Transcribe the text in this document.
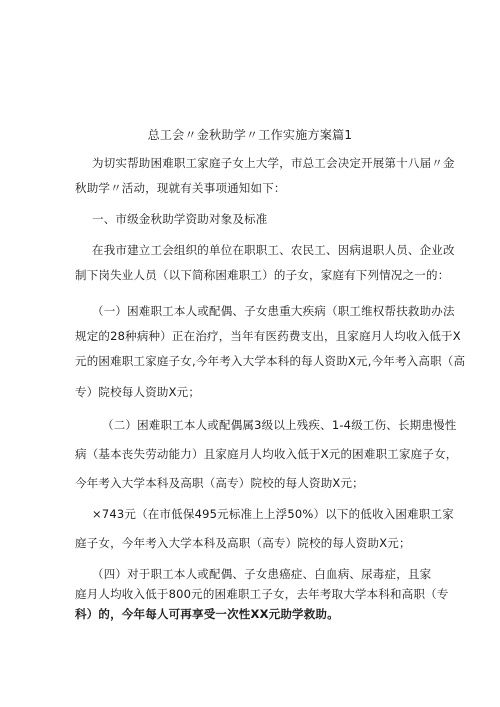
总工会〃金秋助学〃工作实施方案篇1
为切实帮助困难职工家庭子女上大学，市总工会决定开展第十八届〃金
秋助学〃活动，现就有关事项通知如下：
一、市级金秋助学资助对象及标准
在我市建立工会组织的单位在职职工、农民工、因病退职人员、企业改
制下岗失业人员（以下简称困难职工）的子女，家庭有下列情况之一的：
（一）困难职工本人或配偶、子女患重大疾病（职工维权帮扶救助办法
规定的28种病种）正在治疗，当年有医药费支出，且家庭月人均收入低于X
元的困难职工家庭子女,今年考入大学本科的每人资助X元,今年考入高职（高
专）院校每人资助X元；
（二）困难职工本人或配偶属3级以上残疾、1-4级工伤、长期患慢性
病（基本丧失劳动能力）且家庭月人均收入低于X元的困难职工家庭子女，
今年考入大学本科及高职（高专）院校的每人资助X元；
×743元（在市低保495元标准上上浮50%）以下的低收入困难职工家
庭子女，今年考入大学本科及高职（高专）院校的每人资助X元；
（四）对于职工本人或配偶、子女患癌症、白血病、尿毒症，且家
庭月人均收入低于800元的困难职工子女，去年考取大学本科和高职（专
科）的，今年每人可再享受一次性XX元助学救助。
